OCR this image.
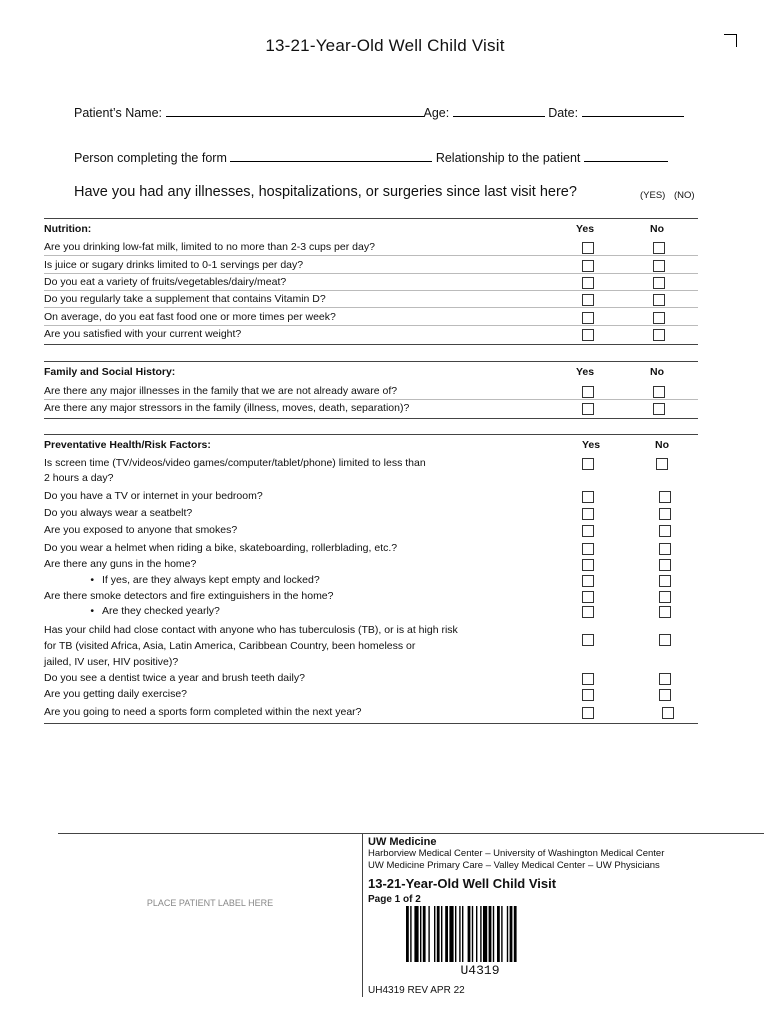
13-21-Year-Old Well Child Visit
Patient’s Name:	Age:	Date:
Person completing the form	Relationship to the patient
Have you had any illnesses, hospitalizations, or surgeries since last visit here?	(YES) (NO)
Nutrition:	Yes	No
Are you drinking low-fat milk, limited to no more than 2-3 cups per day?
Is juice or sugary drinks limited to 0-1 servings per day?
Do you eat a variety of fruits/vegetables/dairy/meat?
Do you regularly take a supplement that contains Vitamin D?
On average, do you eat fast food one or more times per week?
Are you satisfied with your current weight?
Family and Social History:	Yes	No
Are there any major illnesses in the family that we are not already aware of?
Are there any major stressors in the family (illness, moves, death, separation)?
Preventative Health/Risk Factors:	Yes	No
Is screen time (TV/videos/video games/computer/tablet/phone) limited to less than
2 hours a day?
Do you have a TV or internet in your bedroom?
Do you always wear a seatbelt?
Are you exposed to anyone that smokes?
Do you wear a helmet when riding a bike, skateboarding, rollerblading, etc.?
Are there any guns in the home?
• If yes, are they always kept empty and locked?
Are there smoke detectors and fire extinguishers in the home?
• Are they checked yearly?
Has your child had close contact with anyone who has tuberculosis (TB), or is at high risk
for TB (visited Africa, Asia, Latin America, Caribbean Country, been homeless or
jailed, IV user, HIV positive)?
Do you see a dentist twice a year and brush teeth daily?
Are you getting daily exercise?
Are you going to need a sports form completed within the next year?
PLACE PATIENT LABEL HERE
UW Medicine
Harborview Medical Center – University of Washington Medical Center
UW Medicine Primary Care – Valley Medical Center – UW Physicians
13-21-Year-Old Well Child Visit
Page 1 of 2
U4319
UH4319 REV APR 22
